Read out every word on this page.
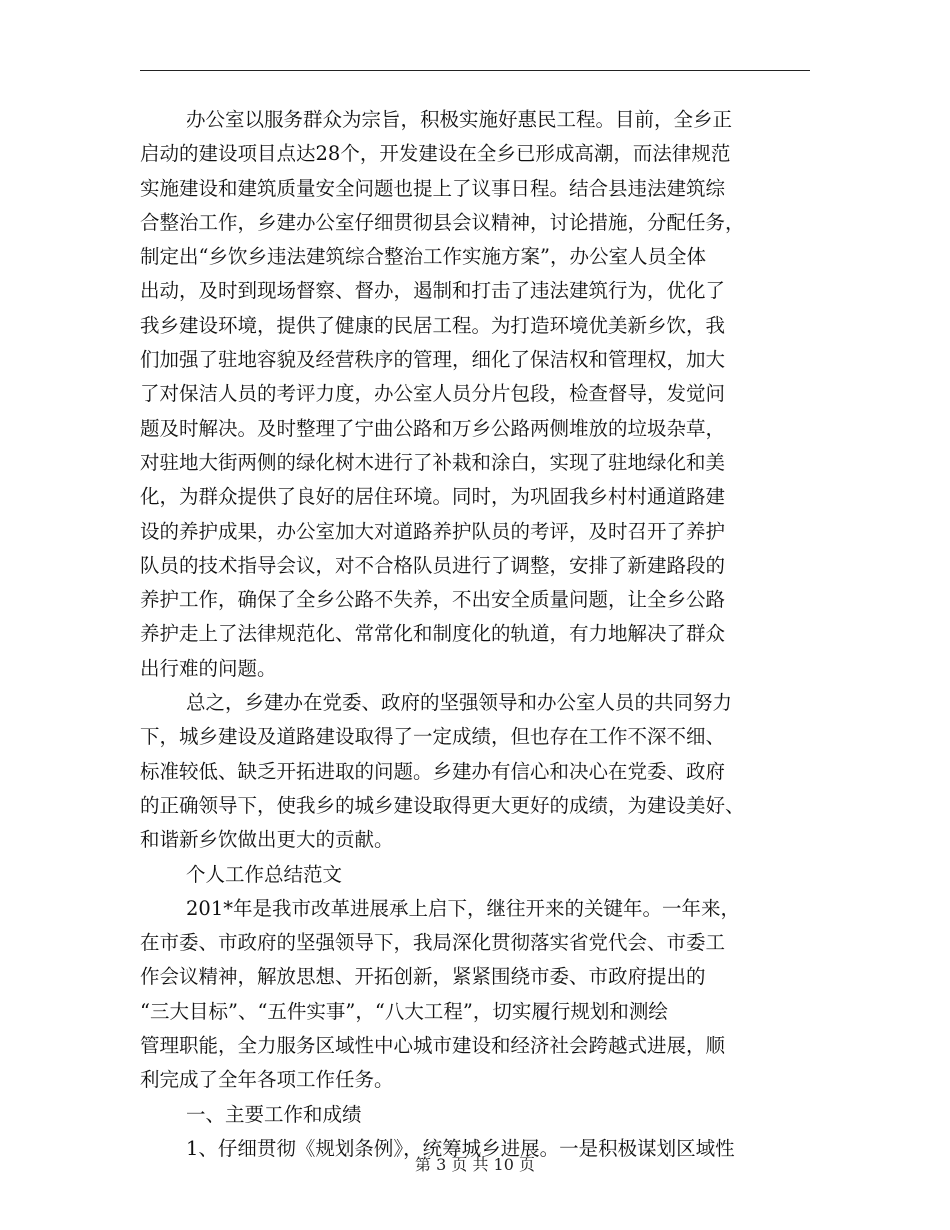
办公室以服务群众为宗旨，积极实施好惠民工程。目前，全乡正
启动的建设项目点达28个，开发建设在全乡已形成高潮，而法律规范
实施建设和建筑质量安全问题也提上了议事日程。结合县违法建筑综
合整治工作，乡建办公室仔细贯彻县会议精神，讨论措施，分配任务，
制定出“乡饮乡违法建筑综合整治工作实施方案”，办公室人员全体
出动，及时到现场督察、督办，遏制和打击了违法建筑行为，优化了
我乡建设环境，提供了健康的民居工程。为打造环境优美新乡饮，我
们加强了驻地容貌及经营秩序的管理，细化了保洁权和管理权，加大
了对保洁人员的考评力度，办公室人员分片包段，检查督导，发觉问
题及时解决。及时整理了宁曲公路和万乡公路两侧堆放的垃圾杂草，
对驻地大街两侧的绿化树木进行了补栽和涂白，实现了驻地绿化和美
化，为群众提供了良好的居住环境。同时，为巩固我乡村村通道路建
设的养护成果，办公室加大对道路养护队员的考评，及时召开了养护
队员的技术指导会议，对不合格队员进行了调整，安排了新建路段的
养护工作，确保了全乡公路不失养，不出安全质量问题，让全乡公路
养护走上了法律规范化、常常化和制度化的轨道，有力地解决了群众
出行难的问题。
总之，乡建办在党委、政府的坚强领导和办公室人员的共同努力
下，城乡建设及道路建设取得了一定成绩，但也存在工作不深不细、
标准较低、缺乏开拓进取的问题。乡建办有信心和决心在党委、政府
的正确领导下，使我乡的城乡建设取得更大更好的成绩，为建设美好、
和谐新乡饮做出更大的贡献。
个人工作总结范文
201*年是我市改革进展承上启下，继往开来的关键年。一年来，
在市委、市政府的坚强领导下，我局深化贯彻落实省党代会、市委工
作会议精神，解放思想、开拓创新，紧紧围绕市委、市政府提出的
“三大目标”、“五件实事”，“八大工程”，切实履行规划和测绘
管理职能，全力服务区域性中心城市建设和经济社会跨越式进展，顺
利完成了全年各项工作任务。
一、主要工作和成绩
1、仔细贯彻《规划条例》，统筹城乡进展。一是积极谋划区域性
第 3 页 共 10 页
